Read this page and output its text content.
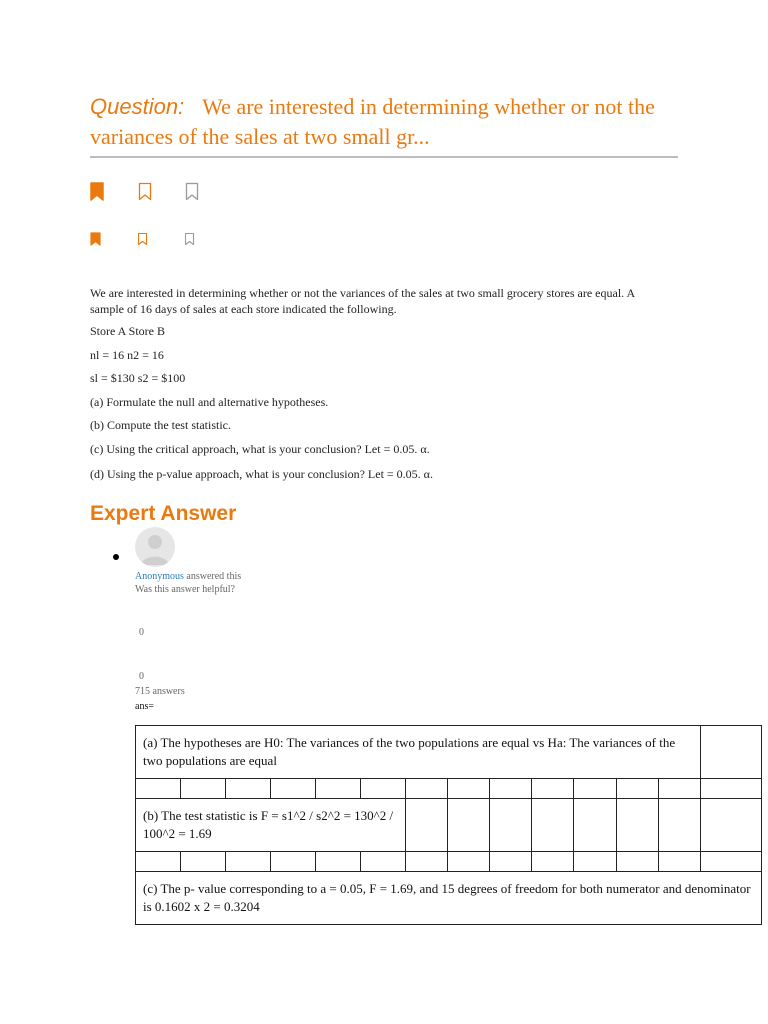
Question: We are interested in determining whether or not the variances of the sales at two small gr...
We are interested in determining whether or not the variances of the sales at two small grocery stores are equal. A sample of 16 days of sales at each store indicated the following.
Store A Store B
nl = 16 n2 = 16
sl = $130 s2 = $100
(a) Formulate the null and alternative hypotheses.
(b) Compute the test statistic.
(c) Using the critical approach, what is your conclusion? Let = 0.05. α.
(d) Using the p-value approach, what is your conclusion? Let = 0.05. α.
Expert Answer
Anonymous answered this
Was this answer helpful?
0
0
715 answers
ans=
(a) The hypotheses are H0: The variances of the two populations are equal vs Ha: The variances of the two populations are equal													

(b) The test statistic is F = s1^2 / s2^2 = 130^2 / 100^2 = 1.69													

(c) The p- value corresponding to a = 0.05, F = 1.69, and 15 degrees of freedom for both numerator and denominator is 0.1602 x 2 = 0.3204													
